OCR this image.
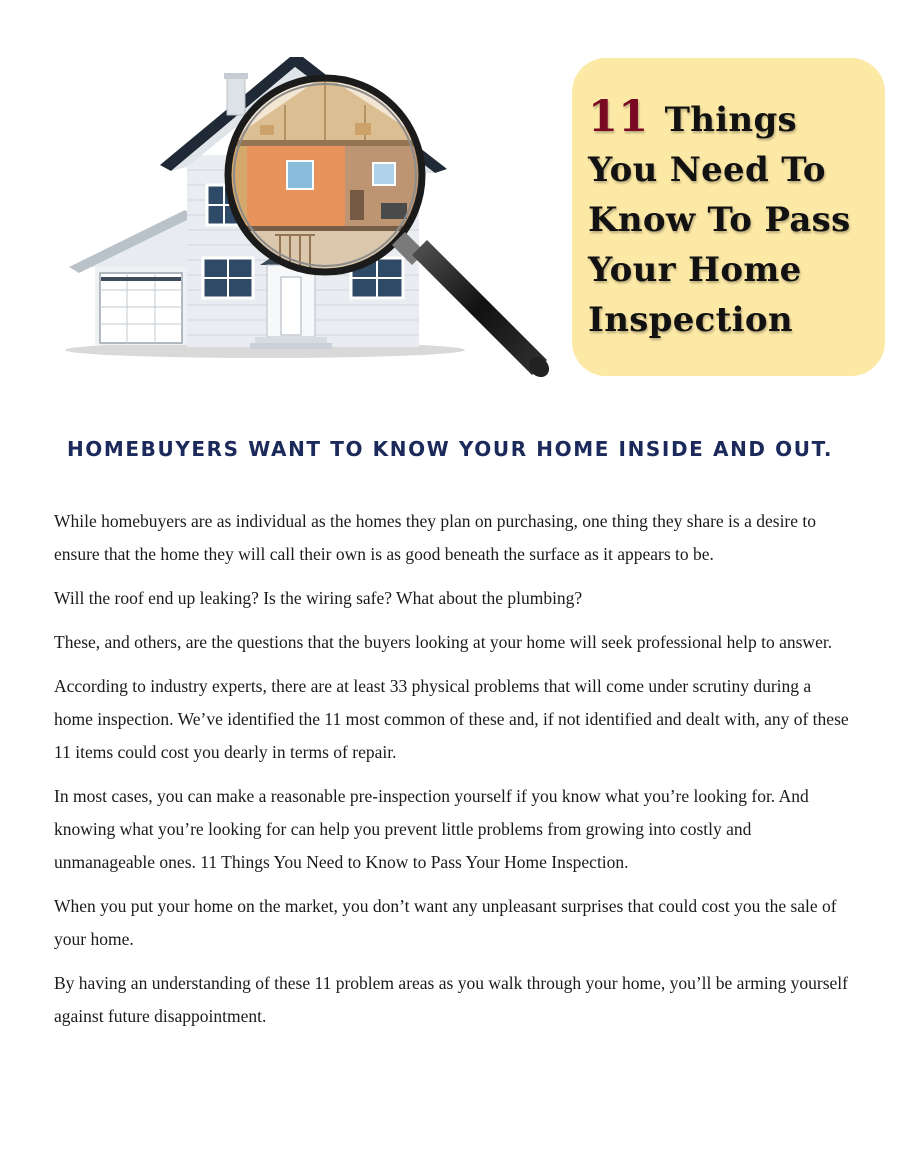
11 Things
You Need To
Know To Pass
Your Home
Inspection
HOMEBUYERS WANT TO KNOW YOUR HOME INSIDE AND OUT.

While homebuyers are as individual as the homes they plan on purchasing, one thing they share is a desire to ensure that the home they will call their own is as good beneath the surface as it appears to be.

Will the roof end up leaking? Is the wiring safe? What about the plumbing?

These, and others, are the questions that the buyers looking at your home will seek professional help to answer.

According to industry experts, there are at least 33 physical problems that will come under scrutiny during a home inspection. We’ve identified the 11 most common of these and, if not identified and dealt with, any of these 11 items could cost you dearly in terms of repair.

In most cases, you can make a reasonable pre-inspection yourself if you know what you’re looking for. And knowing what you’re looking for can help you prevent little problems from growing into costly and unmanageable ones. 11 Things You Need to Know to Pass Your Home Inspection.

When you put your home on the market, you don’t want any unpleasant surprises that could cost you the sale of your home.

By having an understanding of these 11 problem areas as you walk through your home, you’ll be arming yourself against future disappointment.
